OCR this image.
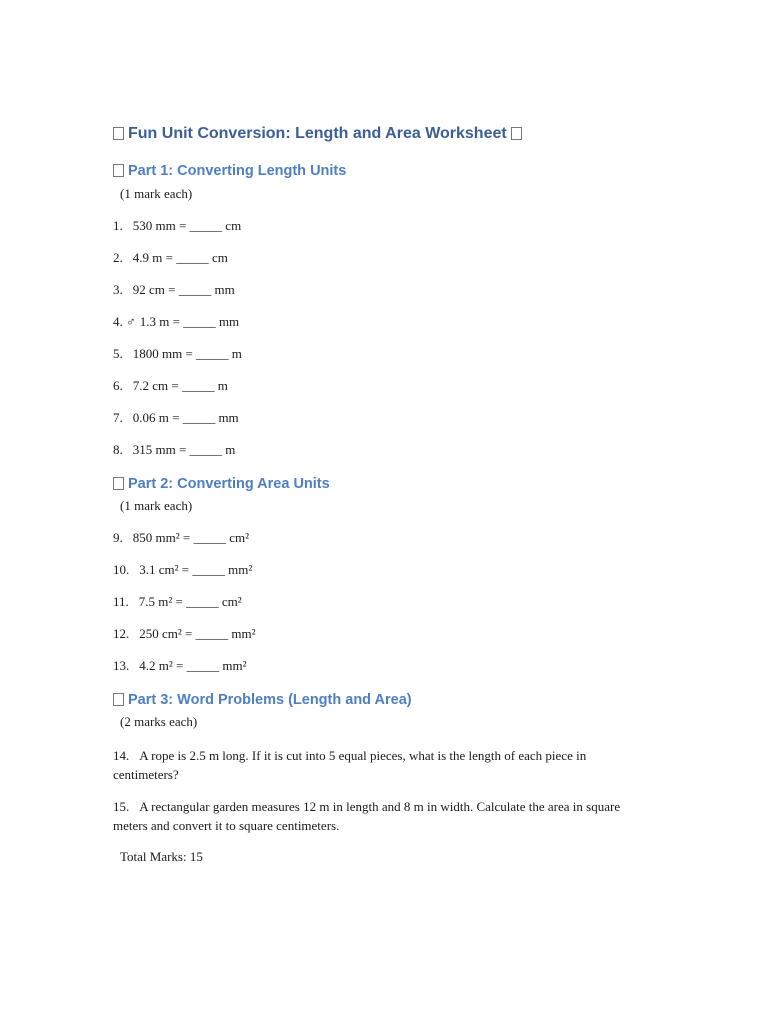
Fun Unit Conversion: Length and Area Worksheet
Part 1: Converting Length Units
(1 mark each)
1. 530 mm = _____ cm
2. 4.9 m = _____ cm
3. 92 cm = _____ mm
4. ♂ 1.3 m = _____ mm
5. 1800 mm = _____ m
6. 7.2 cm = _____ m
7. 0.06 m = _____ mm
8. 315 mm = _____ m
Part 2: Converting Area Units
(1 mark each)
9. 850 mm² = _____ cm²
10. 3.1 cm² = _____ mm²
11. 7.5 m² = _____ cm²
12. 250 cm² = _____ mm²
13. 4.2 m² = _____ mm²
Part 3: Word Problems (Length and Area)
(2 marks each)
14. A rope is 2.5 m long. If it is cut into 5 equal pieces, what is the length of each piece in centimeters?
15. A rectangular garden measures 12 m in length and 8 m in width. Calculate the area in square meters and convert it to square centimeters.
Total Marks: 15
